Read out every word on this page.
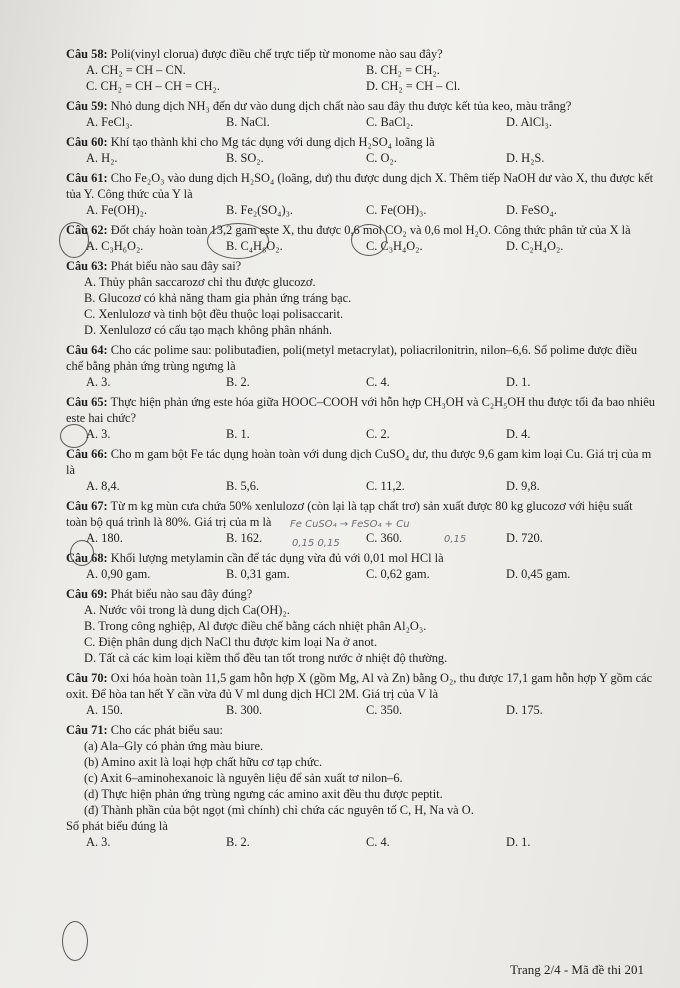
Câu 58: Poli(vinyl clorua) được điều chế trực tiếp từ monome nào sau đây?
A. CH₂ = CH – CN.	B. CH₂ = CH₂.
C. CH₂ = CH – CH = CH₂.	D. CH₂ = CH – Cl.
Câu 59: Nhỏ dung dịch NH₃ đến dư vào dung dịch chất nào sau đây thu được kết tủa keo, màu trắng?
A. FeCl₃.	B. NaCl.	C. BaCl₂.	D. AlCl₃.
Câu 60: Khí tạo thành khi cho Mg tác dụng với dung dịch H₂SO₄ loãng là
A. H₂.	B. SO₂.	C. O₂.	D. H₂S.
Câu 61: Cho Fe₂O₃ vào dung dịch H₂SO₄ (loãng, dư) thu được dung dịch X. Thêm tiếp NaOH dư vào X, thu được kết tủa Y. Công thức của Y là
A. Fe(OH)₂.	B. Fe₂(SO₄)₃.	C. Fe(OH)₃.	D. FeSO₄.
Câu 62: Đốt cháy hoàn toàn 13,2 gam este X, thu được 0,6 mol CO₂ và 0,6 mol H₂O. Công thức phân tử của X là
A. C₃H₆O₂.	B. C₄H₈O₂.	C. C₃H₄O₂.	D. C₂H₄O₂.
Câu 63: Phát biểu nào sau đây sai?
A. Thủy phân saccarozơ chỉ thu được glucozơ.
B. Glucozơ có khả năng tham gia phản ứng tráng bạc.
C. Xenlulozơ và tinh bột đều thuộc loại polisaccarit.
D. Xenlulozơ có cấu tạo mạch không phân nhánh.
Câu 64: Cho các polime sau: polibutađien, poli(metyl metacrylat), poliacrilonitrin, nilon–6,6. Số polime được điều chế bằng phản ứng trùng ngưng là
A. 3.	B. 2.	C. 4.	D. 1.
Câu 65: Thực hiện phản ứng este hóa giữa HOOC–COOH với hỗn hợp CH₃OH và C₂H₅OH thu được tối đa bao nhiêu este hai chức?
A. 3.	B. 1.	C. 2.	D. 4.
Câu 66: Cho m gam bột Fe tác dụng hoàn toàn với dung dịch CuSO₄ dư, thu được 9,6 gam kim loại Cu. Giá trị của m là
A. 8,4.	B. 5,6.	C. 11,2.	D. 9,8.
Câu 67: Từ m kg mùn cưa chứa 50% xenlulozơ (còn lại là tạp chất trơ) sản xuất được 80 kg glucozơ với hiệu suất toàn bộ quá trình là 80%. Giá trị của m là
A. 180.	B. 162.	C. 360.	D. 720.
Câu 68: Khối lượng metylamin cần để tác dụng vừa đủ với 0,01 mol HCl là
A. 0,90 gam.	B. 0,31 gam.	C. 0,62 gam.	D. 0,45 gam.
Câu 69: Phát biểu nào sau đây đúng?
A. Nước vôi trong là dung dịch Ca(OH)₂.
B. Trong công nghiệp, Al được điều chế bằng cách nhiệt phân Al₂O₃.
C. Điện phân dung dịch NaCl thu được kim loại Na ở anot.
D. Tất cả các kim loại kiềm thổ đều tan tốt trong nước ở nhiệt độ thường.
Câu 70: Oxi hóa hoàn toàn 11,5 gam hỗn hợp X (gồm Mg, Al và Zn) bằng O₂, thu được 17,1 gam hỗn hợp Y gồm các oxit. Để hòa tan hết Y cần vừa đủ V ml dung dịch HCl 2M. Giá trị của V là
A. 150.	B. 300.	C. 350.	D. 175.
Câu 71: Cho các phát biểu sau:
(a) Ala–Gly có phản ứng màu biure.
(b) Amino axit là loại hợp chất hữu cơ tạp chức.
(c) Axit 6–aminohexanoic là nguyên liệu để sản xuất tơ nilon–6.
(d) Thực hiện phản ứng trùng ngưng các amino axit đều thu được peptit.
(đ) Thành phần của bột ngọt (mì chính) chỉ chứa các nguyên tố C, H, Na và O.
Số phát biểu đúng là
A. 3.	B. 2.	C. 4.	D. 1.
Fe CuSO₄ → FeSO₄ + Cu
0,15 0,15	0,15
Trang 2/4 - Mã đề thi 201
